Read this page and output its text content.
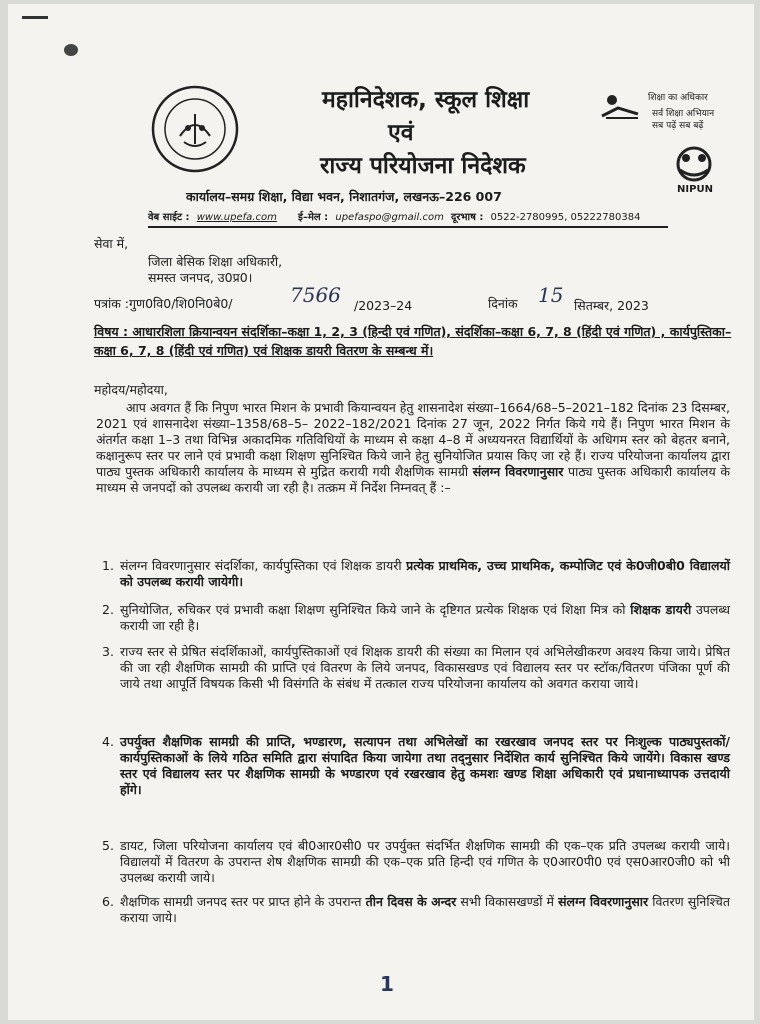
महानिदेशक, स्कूल शिक्षा
एवं
राज्य परियोजना निदेशक
शिक्षा का अधिकार
सर्व शिक्षा अभियान
सब पढ़ें सब बढ़ें
NIPUN
कार्यालय–समग्र शिक्षा, विद्या भवन, निशातगंज, लखनऊ–226 007
वेब साईट : www.upefa.com ई–मेल : upefaspo@gmail.com दूरभाष : 0522-2780995, 05222780384
सेवा में,
जिला बेसिक शिक्षा अधिकारी,
समस्त जनपद, उ0प्र0।
पत्रांक :गुण0वि0/शि0नि0बे0/	7566 /2023–24	दिनांक 15 सितम्बर, 2023
विषय : आधारशिला क्रियान्वयन संदर्शिका–कक्षा 1, 2, 3 (हिन्दी एवं गणित), संदर्शिका–कक्षा 6, 7, 8 (हिंदी एवं गणित) , कार्यपुस्तिका–कक्षा 6, 7, 8 (हिंदी एवं गणित) एवं शिक्षक डायरी वितरण के सम्बन्ध में।
महोदय/महोदया,
आप अवगत हैं कि निपुण भारत मिशन के प्रभावी कियान्वयन हेतु शासनादेश संख्या–1664/68–5–2021–182 दिनांक 23 दिसम्बर, 2021 एवं शासनादेश संख्या–1358/68–5– 2022–182/2021 दिनांक 27 जून, 2022 निर्गत किये गये हैं। निपुण भारत मिशन के अंतर्गत कक्षा 1–3 तथा विभिन्न अकादमिक गतिविधियों के माध्यम से कक्षा 4–8 में अध्ययनरत विद्यार्थियों के अधिगम स्तर को बेहतर बनाने, कक्षानुरूप स्तर पर लाने एवं प्रभावी कक्षा शिक्षण सुनिश्चित किये जाने हेतु सुनियोजित प्रयास किए जा रहे हैं। राज्य परियोजना कार्यालय द्वारा पाठ्य पुस्तक अधिकारी कार्यालय के माध्यम से मुद्रित करायी गयी शैक्षणिक सामग्री संलग्न विवरणानुसार पाठ्य पुस्तक अधिकारी कार्यालय के माध्यम से जनपदों को उपलब्ध करायी जा रही है। तत्क्रम में निर्देश निम्नवत् हैं :–
1. संलग्न विवरणानुसार संदर्शिका, कार्यपुस्तिका एवं शिक्षक डायरी प्रत्येक प्राथमिक, उच्च प्राथमिक, कम्पोजिट एवं के0जी0बी0 विद्यालयों को उपलब्ध करायी जायेगी।
2. सुनियोजित, रुचिकर एवं प्रभावी कक्षा शिक्षण सुनिश्चित किये जाने के दृष्टिगत प्रत्येक शिक्षक एवं शिक्षा मित्र को शिक्षक डायरी उपलब्ध करायी जा रही है।
3. राज्य स्तर से प्रेषित संदर्शिकाओं, कार्यपुस्तिकाओं एवं शिक्षक डायरी की संख्या का मिलान एवं अभिलेखीकरण अवश्य किया जाये। प्रेषित की जा रही शैक्षणिक सामग्री की प्राप्ति एवं वितरण के लिये जनपद, विकासखण्ड एवं विद्यालय स्तर पर स्टॉक/वितरण पंजिका पूर्ण की जाये तथा आपूर्ति विषयक किसी भी विसंगति के संबंध में तत्काल राज्य परियोजना कार्यालय को अवगत कराया जाये।
4. उपर्युक्त शैक्षणिक सामग्री की प्राप्ति, भण्डारण, सत्यापन तथा अभिलेखों का रखरखाव जनपद स्तर पर निःशुल्क पाठ्यपुस्तकों/कार्यपुस्तिकाओं के लिये गठित समिति द्वारा संपादित किया जायेगा तथा तद्नुसार निर्देशित कार्य सुनिश्चित किये जायेंगे। विकास खण्ड स्तर एवं विद्यालय स्तर पर शैक्षणिक सामग्री के भण्डारण एवं रखरखाव हेतु कमशः खण्ड शिक्षा अधिकारी एवं प्रधानाध्यापक उत्तदायी होंगे।
5. डायट, जिला परियोजना कार्यालय एवं बी0आर0सी0 पर उपर्युक्त संदर्भित शैक्षणिक सामग्री की एक–एक प्रति उपलब्ध करायी जाये। विद्यालयों में वितरण के उपरान्त शेष शैक्षणिक सामग्री की एक–एक प्रति हिन्दी एवं गणित के ए0आर0पी0 एवं एस0आर0जी0 को भी उपलब्ध करायी जाये।
6. शैक्षणिक सामग्री जनपद स्तर पर प्राप्त होने के उपरान्त तीन दिवस के अन्दर सभी विकासखण्डों में संलग्न विवरणानुसार वितरण सुनिश्चित कराया जाये।
1
